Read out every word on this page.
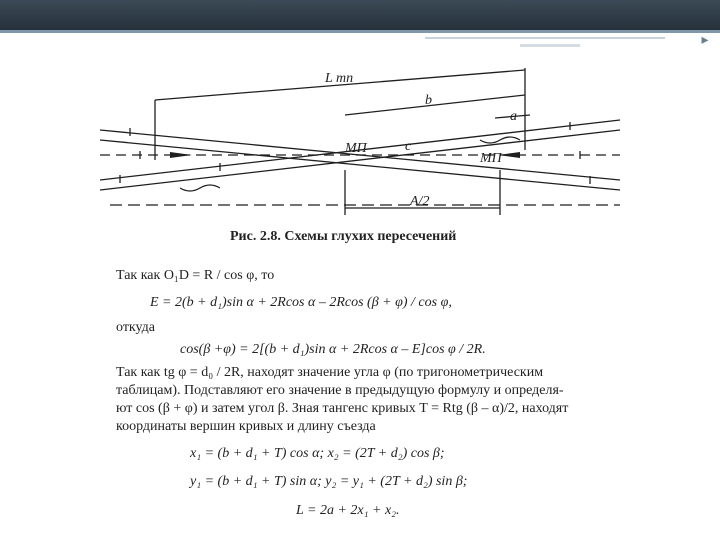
▸
L тп
b
a
c
МП
МП
A/2
Рис. 2.8. Схемы глухих пересечений
Так как O₁D = R / cos φ, то
E = 2(b + d₁)sin α + 2Rcos α – 2Rcos (β + φ) / cos φ,
откуда
cos(β +φ) = 2[(b + d₁)sin α + 2Rcos α – E]cos φ / 2R.
Так как tg φ = d₀ / 2R, находят значение угла φ (по тригонометрическим
таблицам). Подставляют его значение в предыдущую формулу и определя-
ют cos (β + φ) и затем угол β. Зная тангенс кривых T = Rtg (β – α)/2, находят
координаты вершин кривых и длину съезда
x₁ = (b + d₁ + T) cos α; x₂ = (2T + d₂) cos β;
y₁ = (b + d₁ + T) sin α; y₂ = y₁ + (2T + d₂) sin β;
L = 2a + 2x₁ + x₂.
